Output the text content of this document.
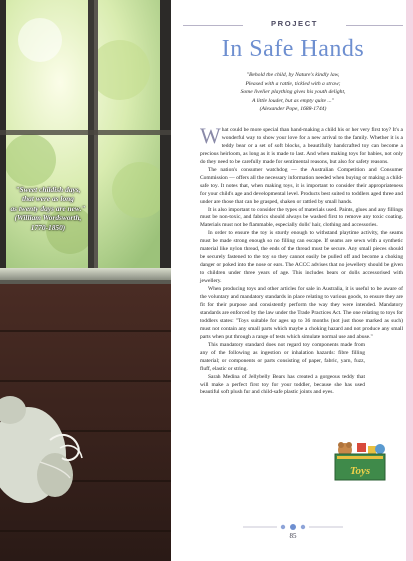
"Sweet childish days,
that were as long
as twenty days are new."
(William Wordsworth,
1770-1850)
PROJECT
In Safe Hands
"Behold the child, by Nature's kindly law,
Pleased with a rattle, tickled with a straw;
Some livelier plaything gives his youth delight,
A little louder, but as empty quite ..."
(Alexander Pope, 1688-1744)

What could be more special than hand-making a child his or her very first toy? It's a wonderful way to show your love for a new arrival to the family. Whether it is a teddy bear or a set of soft blocks, a beautifully handcrafted toy can become a precious heirloom, as long as it is made to last. And when making toys for babies, not only do they need to be carefully made for sentimental reasons, but also for safety reasons.

The nation's consumer watchdog — the Australian Competition and Consumer Commission — offers all the necessary information needed when buying or making a child-safe toy. It notes that, when making toys, it is important to consider their appropriateness for your child's age and developmental level. Products best suited to toddlers aged three and under are those that can be grasped, shaken or rattled by small hands.

It is also important to consider the types of materials used. Paints, glues and any fillings must be non-toxic, and fabrics should always be washed first to remove any toxic coating. Materials must not be flammable, especially dolls' hair, clothing and accessories.

In order to ensure the toy is sturdy enough to withstand playtime activity, the seams must be made strong enough so no filling can escape. If seams are sewn with a synthetic material like nylon thread, the ends of the thread must be secure. Any small pieces should be securely fastened to the toy so they cannot easily be pulled off and become a choking danger or poked into the nose or ears. The ACCC advises that no jewellery should be given to children under three years of age. This includes bears or dolls accessorised with jewellery.

When producing toys and other articles for sale in Australia, it is useful to be aware of the voluntary and mandatory standards in place relating to various goods, to ensure they are fit for their purpose and consistently perform the way they were intended. Mandatory standards are enforced by the law under the Trade Practices Act. The one relating to toys for toddlers states: "Toys suitable for ages up to 36 months (not just those marked as such) must not contain any small parts which maybe a choking hazard and not produce any small parts when put through a range of tests which simulate normal use and abuse."

This mandatory standard does not regard toy components made from any of the following as ingestion or inhalation hazards: fibre filling material; or components or parts consisting of paper, fabric, yarn, fuzz, fluff, elastic or string.

Sarah Medina of Jellybelly Bears has created a gorgeous teddy that will make a perfect first toy for your toddler, because she has used beautiful soft plush fur and child-safe plastic joints and eyes.

Toys
85
